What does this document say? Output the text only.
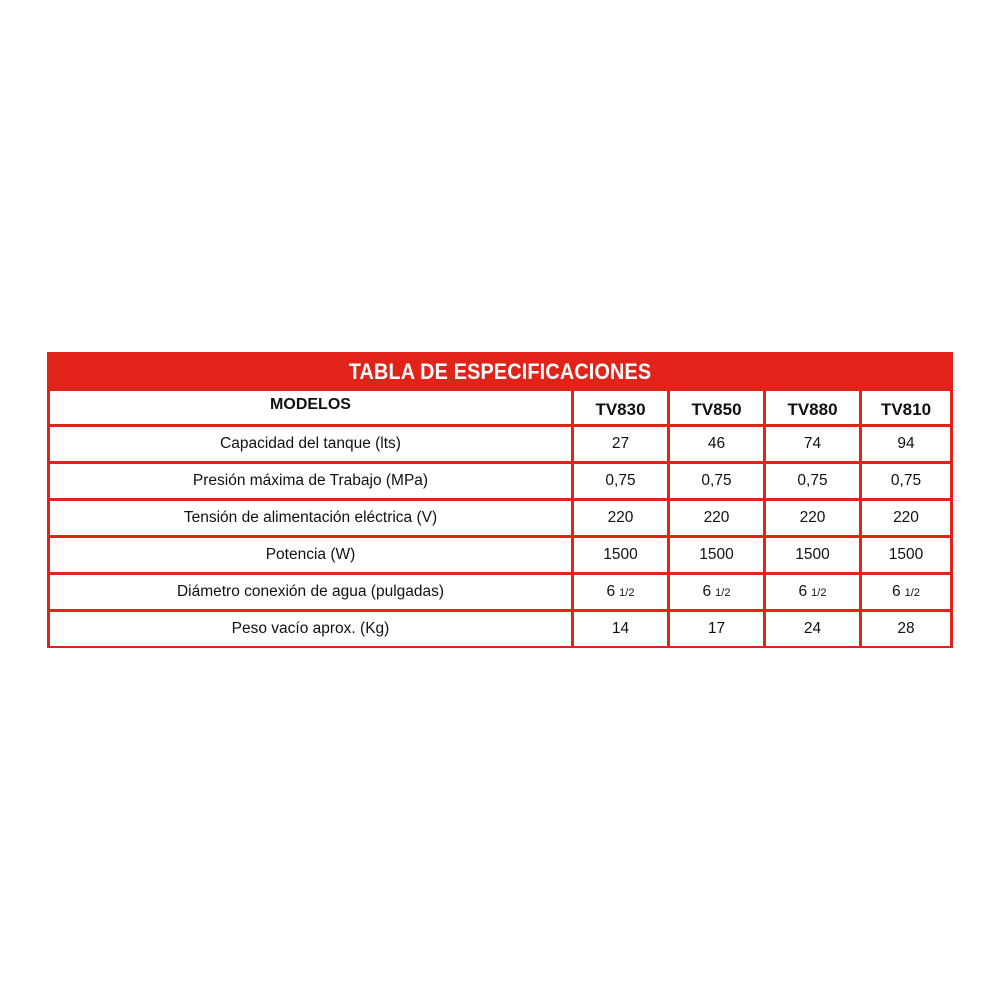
TABLA DE ESPECIFICACIONES
MODELOS	TV830	TV850	TV880	TV810
Capacidad del tanque (lts)	27	46	74	94
Presión máxima de Trabajo (MPa)	0,75	0,75	0,75	0,75
Tensión de alimentación eléctrica (V)	220	220	220	220
Potencia (W)	1500	1500	1500	1500
Diámetro conexión de agua (pulgadas)	6 1/2	6 1/2	6 1/2	6 1/2
Peso vacío aprox. (Kg)	14	17	24	28
